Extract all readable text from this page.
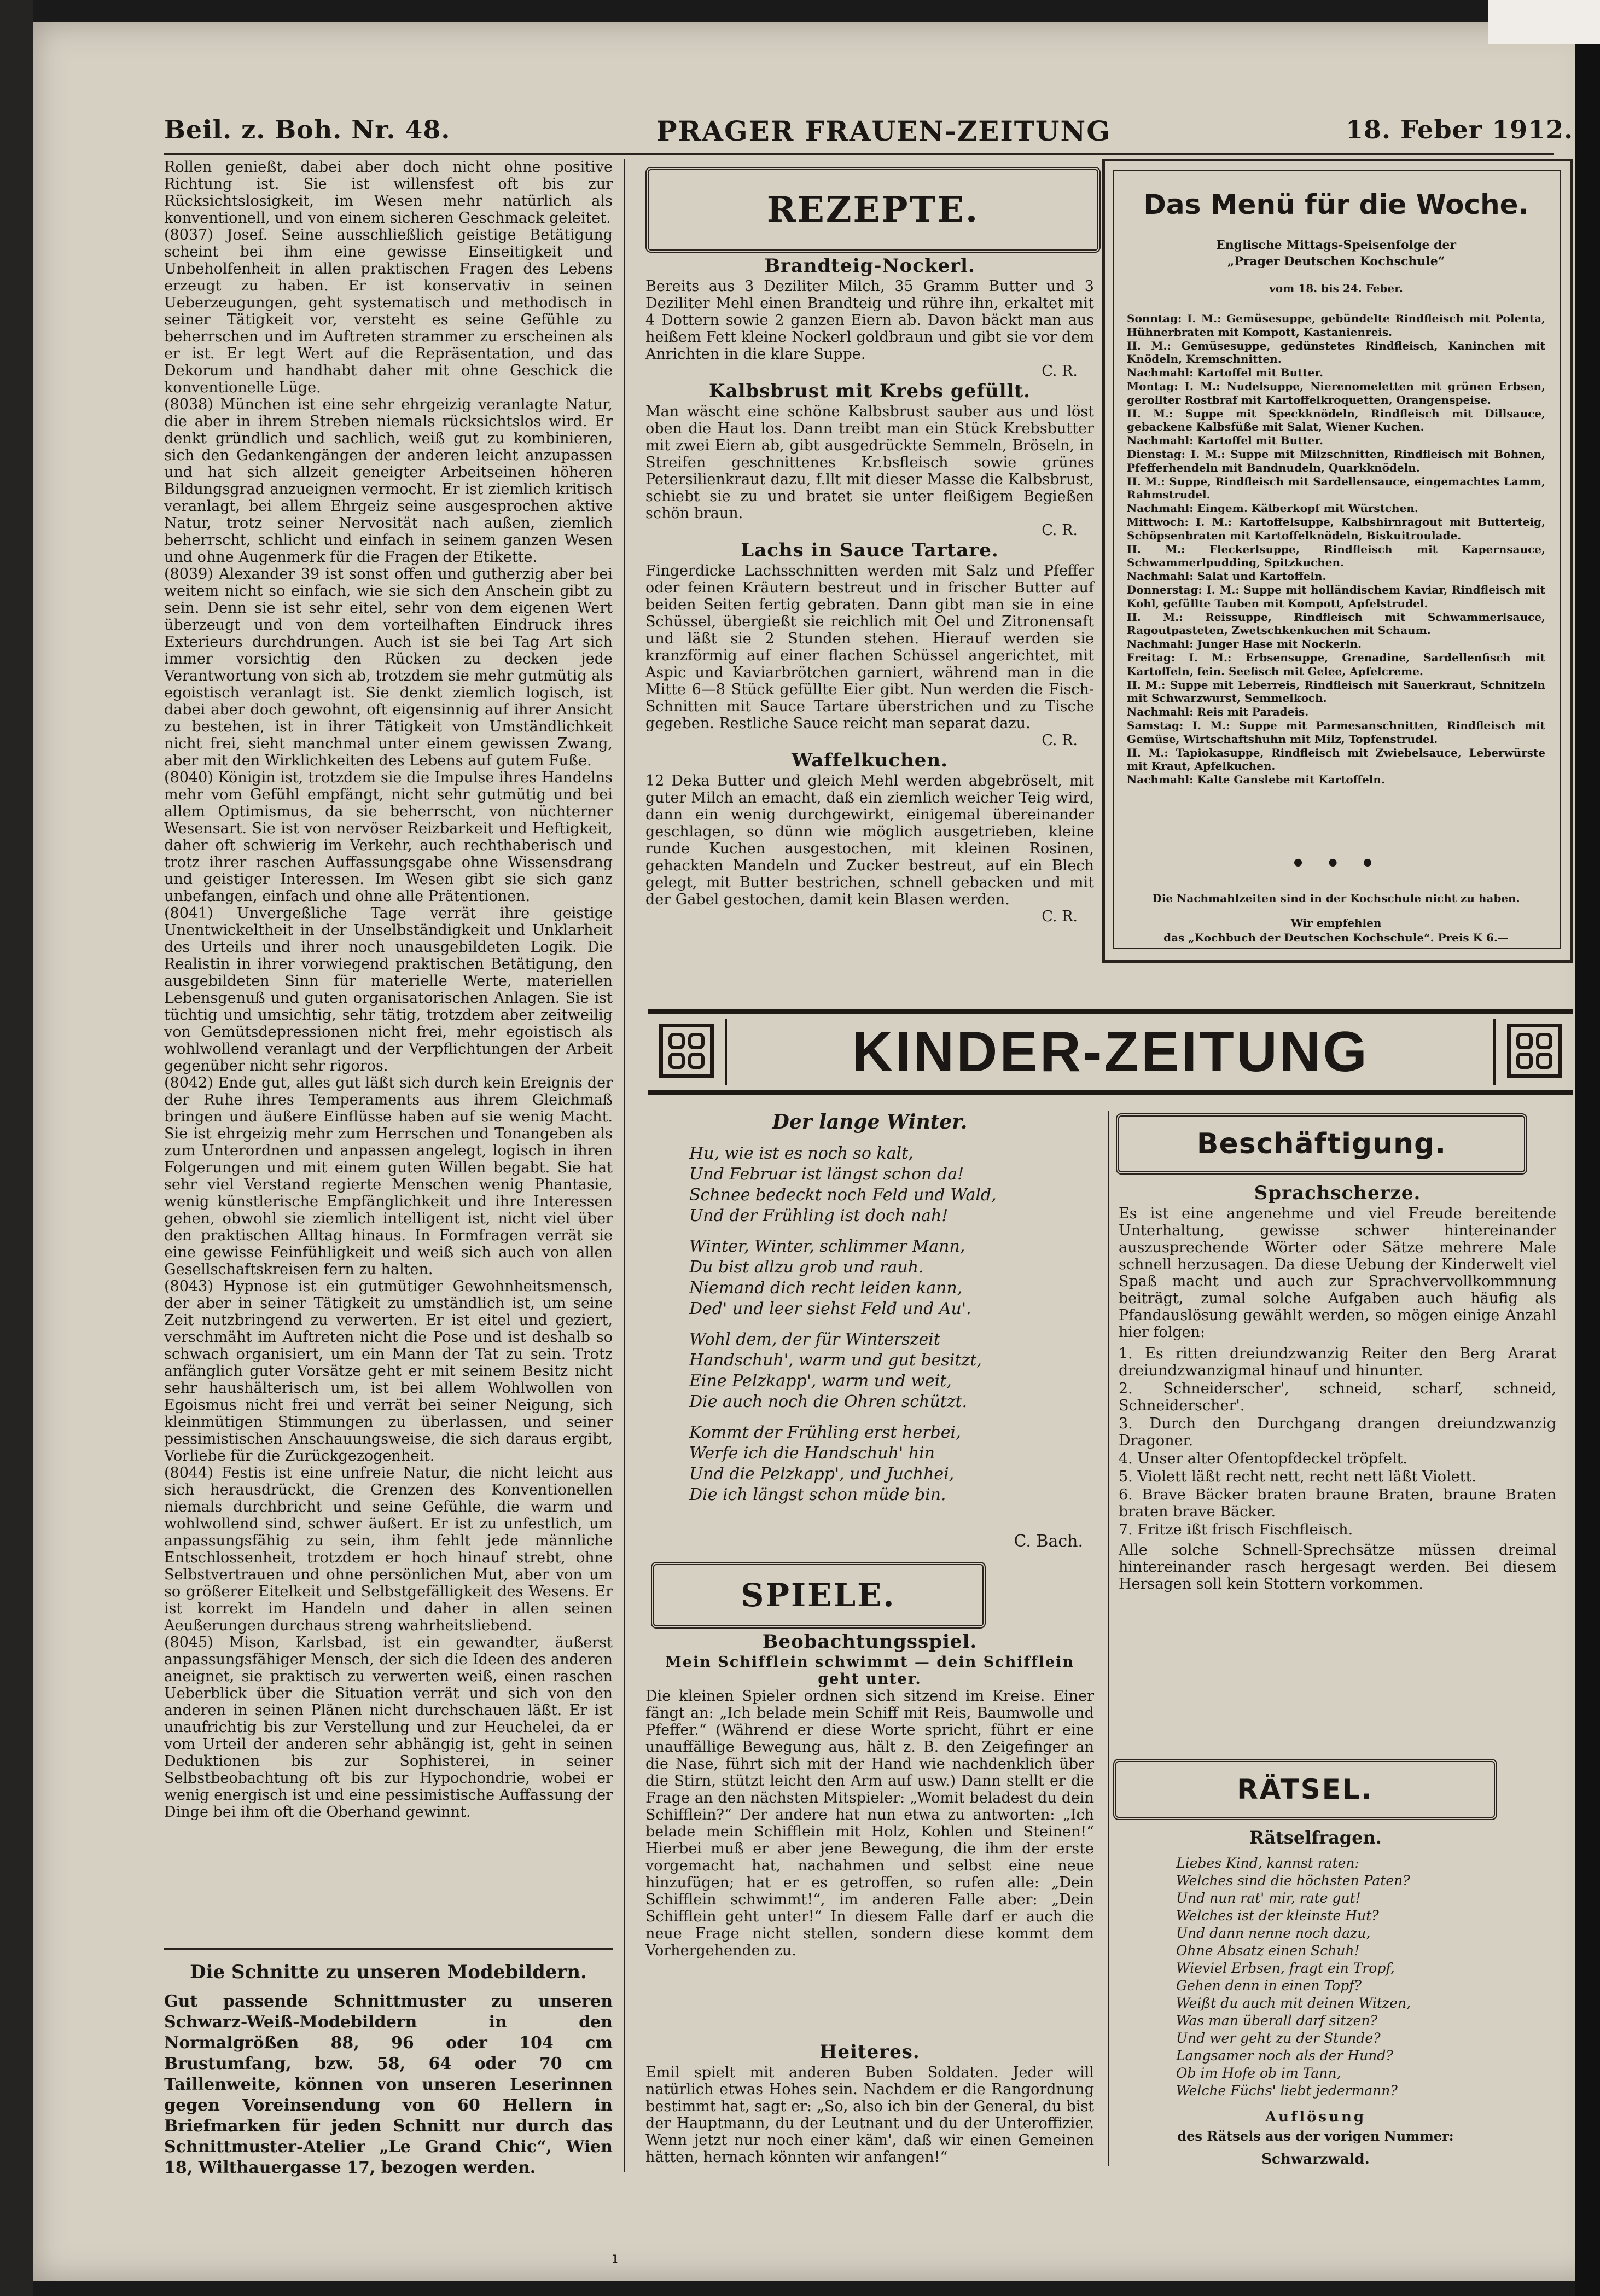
Beil. z. Boh. Nr. 48.	PRAGER FRAUEN-ZEITUNG	18. Feber 1912.

Rollen genießt, dabei aber doch nicht ohne positive Richtung ist. Sie ist willensfest oft bis zur Rücksichtslosigkeit, im Wesen mehr natürlich als konventionell, und von einem sicheren Geschmack geleitet.

(8037) Josef. Seine ausschließlich geistige Betätigung scheint bei ihm eine gewisse Einseitigkeit und Unbeholfenheit in allen praktischen Fragen des Lebens erzeugt zu haben. Er ist konservativ in seinen Ueberzeugungen, geht systematisch und methodisch in seiner Tätigkeit vor, versteht es seine Gefühle zu beherrschen und im Auftreten strammer zu erscheinen als er ist. Er legt Wert auf die Repräsentation, und das Dekorum und handhabt daher mit ohne Geschick die konventionelle Lüge.

(8038) München ist eine sehr ehrgeizig veranlagte Natur, die aber in ihrem Streben niemals rücksichtslos wird. Er denkt gründlich und sachlich, weiß gut zu kombinieren, sich den Gedankengängen der anderen leicht anzupassen und hat sich allzeit geneigter Arbeitseinen höheren Bildungsgrad anzueignen vermocht. Er ist ziemlich kritisch veranlagt, bei allem Ehrgeiz seine ausgesprochen aktive Natur, trotz seiner Nervosität nach außen, ziemlich beherrscht, schlicht und einfach in seinem ganzen Wesen und ohne Augenmerk für die Fragen der Etikette.

(8039) Alexander 39 ist sonst offen und gutherzig aber bei weitem nicht so einfach, wie sie sich den Anschein gibt zu sein. Denn sie ist sehr eitel, sehr von dem eigenen Wert überzeugt und von dem vorteilhaften Eindruck ihres Exterieurs durchdrungen. Auch ist sie bei Tag Art sich immer vorsichtig den Rücken zu decken jede Verantwortung von sich ab, trotzdem sie mehr gutmütig als egoistisch veranlagt ist. Sie denkt ziemlich logisch, ist dabei aber doch gewohnt, oft eigensinnig auf ihrer Ansicht zu bestehen, ist in ihrer Tätigkeit von Umständlichkeit nicht frei, sieht manchmal unter einem gewissen Zwang, aber mit den Wirklichkeiten des Lebens auf gutem Fuße.

(8040) Königin ist, trotzdem sie die Impulse ihres Handelns mehr vom Gefühl empfängt, nicht sehr gutmütig und bei allem Optimismus, da sie beherrscht, von nüchterner Wesensart. Sie ist von nervöser Reizbarkeit und Heftigkeit, daher oft schwierig im Verkehr, auch rechthaberisch und trotz ihrer raschen Auffassungsgabe ohne Wissensdrang und geistiger Interessen. Im Wesen gibt sie sich ganz unbefangen, einfach und ohne alle Prätentionen.

(8041) Unvergeßliche Tage verrät ihre geistige Unentwickeltheit in der Unselbständigkeit und Unklarheit des Urteils und ihrer noch unausgebildeten Logik. Die Realistin in ihrer vorwiegend praktischen Betätigung, den ausgebildeten Sinn für materielle Werte, materiellen Lebensgenuß und guten organisatorischen Anlagen. Sie ist tüchtig und umsichtig, sehr tätig, trotzdem aber zeitweilig von Gemütsdepressionen nicht frei, mehr egoistisch als wohlwollend veranlagt und der Verpflichtungen der Arbeit gegenüber nicht sehr rigoros.

(8042) Ende gut, alles gut läßt sich durch kein Ereignis der der Ruhe ihres Temperaments aus ihrem Gleichmaß bringen und äußere Einflüsse haben auf sie wenig Macht. Sie ist ehrgeizig mehr zum Herrschen und Tonangeben als zum Unterordnen und anpassen angelegt, logisch in ihren Folgerungen und mit einem guten Willen begabt. Sie hat sehr viel Verstand regierte Menschen wenig Phantasie, wenig künstlerische Empfänglichkeit und ihre Interessen gehen, obwohl sie ziemlich intelligent ist, nicht viel über den praktischen Alltag hinaus. In Formfragen verrät sie eine gewisse Feinfühligkeit und weiß sich auch von allen Gesellschaftskreisen fern zu halten.

(8043) Hypnose ist ein gutmütiger Gewohnheitsmensch, der aber in seiner Tätigkeit zu umständlich ist, um seine Zeit nutzbringend zu verwerten. Er ist eitel und geziert, verschmäht im Auftreten nicht die Pose und ist deshalb so schwach organisiert, um ein Mann der Tat zu sein. Trotz anfänglich guter Vorsätze geht er mit seinem Besitz nicht sehr haushälterisch um, ist bei allem Wohlwollen von Egoismus nicht frei und verrät bei seiner Neigung, sich kleinmütigen Stimmungen zu überlassen, und seiner pessimistischen Anschauungsweise, die sich daraus ergibt, Vorliebe für die Zurückgezogenheit.

(8044) Festis ist eine unfreie Natur, die nicht leicht aus sich herausdrückt, die Grenzen des Konventionellen niemals durchbricht und seine Gefühle, die warm und wohlwollend sind, schwer äußert. Er ist zu unfestlich, um anpassungsfähig zu sein, ihm fehlt jede männliche Entschlossenheit, trotzdem er hoch hinauf strebt, ohne Selbstvertrauen und ohne persönlichen Mut, aber von um so größerer Eitelkeit und Selbstgefälligkeit des Wesens. Er ist korrekt im Handeln und daher in allen seinen Aeußerungen durchaus streng wahrheitsliebend.

(8045) Mison, Karlsbad, ist ein gewandter, äußerst anpassungsfähiger Mensch, der sich die Ideen des anderen aneignet, sie praktisch zu verwerten weiß, einen raschen Ueberblick über die Situation verrät und sich von den anderen in seinen Plänen nicht durchschauen läßt. Er ist unaufrichtig bis zur Verstellung und zur Heuchelei, da er vom Urteil der anderen sehr abhängig ist, geht in seinen Deduktionen bis zur Sophisterei, in seiner Selbstbeobachtung oft bis zur Hypochondrie, wobei er wenig energisch ist und eine pessimistische Auffassung der Dinge bei ihm oft die Oberhand gewinnt.

Die Schnitte zu unseren Modebildern.
Gut passende Schnittmuster zu unseren Schwarz-Weiß-Modebildern in den Normalgrößen 88, 96 oder 104 cm Brustumfang, bzw. 58, 64 oder 70 cm Taillenweite, können von unseren Leserinnen gegen Voreinsendung von 60 Hellern in Briefmarken für jeden Schnitt nur durch das Schnittmuster-Atelier „Le Grand Chic“, Wien 18, Wilthauergasse 17, bezogen werden.
REZEPTE.
Brandteig-Nockerl.

Bereits aus 3 Deziliter Milch, 35 Gramm Butter und 3 Deziliter Mehl einen Brandteig und rühre ihn, erkaltet mit 4 Dottern sowie 2 ganzen Eiern ab. Davon bäckt man aus heißem Fett kleine Nockerl goldbraun und gibt sie vor dem Anrichten in die klare Suppe.

C. R.

Kalbsbrust mit Krebs gefüllt.

Man wäscht eine schöne Kalbsbrust sauber aus und löst oben die Haut los. Dann treibt man ein Stück Krebsbutter mit zwei Eiern ab, gibt ausgedrückte Semmeln, Bröseln, in Streifen geschnittenes Kr.bsfleisch sowie grünes Petersilienkraut dazu, f.llt mit dieser Masse die Kalbsbrust, schiebt sie zu und bratet sie unter fleißigem Begießen schön braun.

C. R.

Lachs in Sauce Tartare.

Fingerdicke Lachsschnitten werden mit Salz und Pfeffer oder feinen Kräutern bestreut und in frischer Butter auf beiden Seiten fertig gebraten. Dann gibt man sie in eine Schüssel, übergießt sie reichlich mit Oel und Zitronensaft und läßt sie 2 Stunden stehen. Hierauf werden sie kranzförmig auf einer flachen Schüssel angerichtet, mit Aspic und Kaviarbrötchen garniert, während man in die Mitte 6—8 Stück gefüllte Eier gibt. Nun werden die Fisch-Schnitten mit Sauce Tartare überstrichen und zu Tische gegeben. Restliche Sauce reicht man separat dazu.

C. R.

Waffelkuchen.

12 Deka Butter und gleich Mehl werden abgebröselt, mit guter Milch an emacht, daß ein ziemlich weicher Teig wird, dann ein wenig durchgewirkt, einigemal übereinander geschlagen, so dünn wie möglich ausgetrieben, kleine runde Kuchen ausgestochen, mit kleinen Rosinen, gehackten Mandeln und Zucker bestreut, auf ein Blech gelegt, mit Butter bestrichen, schnell gebacken und mit der Gabel gestochen, damit kein Blasen werden.

C. R.

Das Menü für die Woche.
Englische Mittags-Speisenfolge der
„Prager Deutschen Kochschule“
vom 18. bis 24. Feber.

Sonntag: I. M.: Gemüsesuppe, gebündelte Rindfleisch mit Polenta, Hühnerbraten mit Kompott, Kastanienreis.

II. M.: Gemüsesuppe, gedünstetes Rindfleisch, Kaninchen mit Knödeln, Kremschnitten.

Nachmahl: Kartoffel mit Butter.

Montag: I. M.: Nudelsuppe, Nierenomeletten mit grünen Erbsen, gerollter Rostbraf mit Kartoffelkroquetten, Orangenspeise.

II. M.: Suppe mit Speckknödeln, Rindfleisch mit Dillsauce, gebackene Kalbsfüße mit Salat, Wiener Kuchen.

Nachmahl: Kartoffel mit Butter.

Dienstag: I. M.: Suppe mit Milzschnitten, Rindfleisch mit Bohnen, Pfefferhendeln mit Bandnudeln, Quarkknödeln.

II. M.: Suppe, Rindfleisch mit Sardellensauce, eingemachtes Lamm, Rahmstrudel.

Nachmahl: Eingem. Kälberkopf mit Würstchen.

Mittwoch: I. M.: Kartoffelsuppe, Kalbshirnragout mit Butterteig, Schöpsenbraten mit Kartoffelknödeln, Biskuitroulade.

II. M.: Fleckerlsuppe, Rindfleisch mit Kapernsauce, Schwammerlpudding, Spitzkuchen.

Nachmahl: Salat und Kartoffeln.

Donnerstag: I. M.: Suppe mit holländischem Kaviar, Rindfleisch mit Kohl, gefüllte Tauben mit Kompott, Apfelstrudel.

II. M.: Reissuppe, Rindfleisch mit Schwammerlsauce, Ragoutpasteten, Zwetschkenkuchen mit Schaum.

Nachmahl: Junger Hase mit Nockerln.

Freitag: I. M.: Erbsensuppe, Grenadine, Sardellenfisch mit Kartoffeln, fein. Seefisch mit Gelee, Apfelcreme.

II. M.: Suppe mit Leberreis, Rindfleisch mit Sauerkraut, Schnitzeln mit Schwarzwurst, Semmelkoch.

Nachmahl: Reis mit Paradeis.

Samstag: I. M.: Suppe mit Parmesanschnitten, Rindfleisch mit Gemüse, Wirtschaftshuhn mit Milz, Topfenstrudel.

II. M.: Tapiokasuppe, Rindfleisch mit Zwiebelsauce, Leberwürste mit Kraut, Apfelkuchen.

Nachmahl: Kalte Ganslebe mit Kartoffeln.

• • •
Die Nachmahlzeiten sind in der Kochschule nicht zu haben.
Wir empfehlen
das „Kochbuch der Deutschen Kochschule“. Preis K 6.—
KINDER-ZEITUNG
Der lange Winter.

Hu, wie ist es noch so kalt,

Und Februar ist längst schon da!

Schnee bedeckt noch Feld und Wald,

Und der Frühling ist doch nah!

Winter, Winter, schlimmer Mann,

Du bist allzu grob und rauh.

Niemand dich recht leiden kann,

Ded' und leer siehst Feld und Au'.

Wohl dem, der für Winterszeit

Handschuh', warm und gut besitzt,

Eine Pelzkapp', warm und weit,

Die auch noch die Ohren schützt.

Kommt der Frühling erst herbei,

Werfe ich die Handschuh' hin

Und die Pelzkapp', und Juchhei,

Die ich längst schon müde bin.

C. Bach.
SPIELE.
Beobachtungsspiel.

Mein Schifflein schwimmt — dein Schifflein geht unter.

Die kleinen Spieler ordnen sich sitzend im Kreise. Einer fängt an: „Ich belade mein Schiff mit Reis, Baumwolle und Pfeffer.“ (Während er diese Worte spricht, führt er eine unauffällige Bewegung aus, hält z. B. den Zeigefinger an die Nase, führt sich mit der Hand wie nachdenklich über die Stirn, stützt leicht den Arm auf usw.) Dann stellt er die Frage an den nächsten Mitspieler: „Womit beladest du dein Schifflein?“ Der andere hat nun etwa zu antworten: „Ich belade mein Schifflein mit Holz, Kohlen und Steinen!“ Hierbei muß er aber jene Bewegung, die ihm der erste vorgemacht hat, nachahmen und selbst eine neue hinzufügen; hat er es getroffen, so rufen alle: „Dein Schifflein schwimmt!“, im anderen Falle aber: „Dein Schifflein geht unter!“ In diesem Falle darf er auch die neue Frage nicht stellen, sondern diese kommt dem Vorhergehenden zu.

Heiteres.

Emil spielt mit anderen Buben Soldaten. Jeder will natürlich etwas Hohes sein. Nachdem er die Rangordnung bestimmt hat, sagt er: „So, also ich bin der General, du bist der Hauptmann, du der Leutnant und du der Unteroffizier. Wenn jetzt nur noch einer käm', daß wir einen Gemeinen hätten, hernach könnten wir anfangen!“

Beschäftigung.
Sprachscherze.

Es ist eine angenehme und viel Freude bereitende Unterhaltung, gewisse schwer hintereinander auszusprechende Wörter oder Sätze mehrere Male schnell herzusagen. Da diese Uebung der Kinderwelt viel Spaß macht und auch zur Sprachvervollkommnung beiträgt, zumal solche Aufgaben auch häufig als Pfandauslösung gewählt werden, so mögen einige Anzahl hier folgen:

1. Es ritten dreiundzwanzig Reiter den Berg Ararat dreiundzwanzigmal hinauf und hinunter.

2. Schneiderscher', schneid, scharf, schneid, Schneiderscher'.

3. Durch den Durchgang drangen dreiundzwanzig Dragoner.

4. Unser alter Ofentopfdeckel tröpfelt.

5. Violett läßt recht nett, recht nett läßt Violett.

6. Brave Bäcker braten braune Braten, braune Braten braten brave Bäcker.

7. Fritze ißt frisch Fischfleisch.

Alle solche Schnell-Sprechsätze müssen dreimal hintereinander rasch hergesagt werden. Bei diesem Hersagen soll kein Stottern vorkommen.

RÄTSEL.
Rätselfragen.

Liebes Kind, kannst raten:

Welches sind die höchsten Paten?

Und nun rat' mir, rate gut!

Welches ist der kleinste Hut?

Und dann nenne noch dazu,

Ohne Absatz einen Schuh!

Wieviel Erbsen, fragt ein Tropf,

Gehen denn in einen Topf?

Weißt du auch mit deinen Witzen,

Was man überall darf sitzen?

Und wer geht zu der Stunde?

Langsamer noch als der Hund?

Ob im Hofe ob im Tann,

Welche Füchs' liebt jedermann?

Auflösung
des Rätsels aus der vorigen Nummer:
Schwarzwald.
ı
